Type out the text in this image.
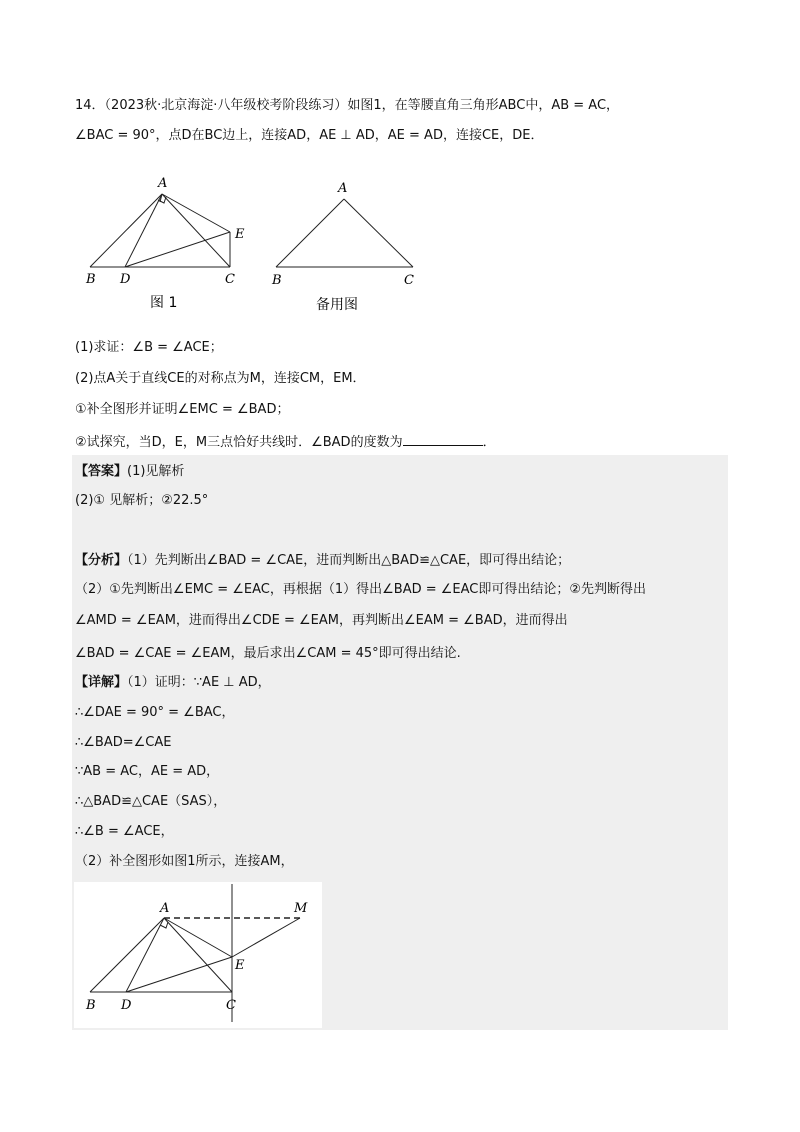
14．（2023秋·北京海淀·八年级校考阶段练习）如图1，在等腰直角三角形ABC中，AB = AC，
∠BAC = 90°，点D在BC边上，连接AD，AE ⊥ AD，AE = AD，连接CE，DE．
A
B D	C
E
图 1
A
B	C
备用图
(1)求证：∠B = ∠ACE；
(2)点A关于直线CE的对称点为M，连接CM，EM．
①补全图形并证明∠EMC = ∠BAD；
②试探究，当D，E，M三点恰好共线时．∠BAD的度数为	．
【答案】(1)见解析
(2)① 见解析；②22.5°
【分析】（1）先判断出∠BAD = ∠CAE，进而判断出△BAD≌△CAE，即可得出结论；
（2）①先判断出∠EMC = ∠EAC，再根据（1）得出∠BAD = ∠EAC即可得出结论；②先判断得出
∠AMD = ∠EAM，进而得出∠CDE = ∠EAM，再判断出∠EAM = ∠BAD，进而得出
∠BAD = ∠CAE = ∠EAM，最后求出∠CAM = 45°即可得出结论.
【详解】（1）证明：∵AE ⊥ AD，
∴∠DAE = 90° = ∠BAC，
∴∠BAD=∠CAE
∵AB = AC，AE = AD，
∴△BAD≌△CAE（SAS），
∴∠B = ∠ACE，
（2）补全图形如图1所示，连接AM，
A	M
E
B D	C
